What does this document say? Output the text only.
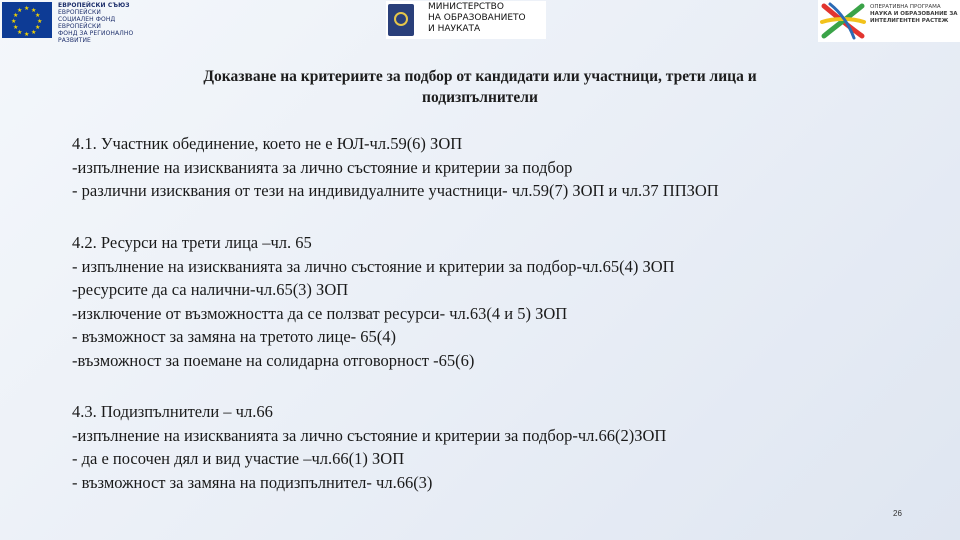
★ ★
★
★
★
★
★
★
★
★
★
★
ЕВРОПЕЙСКИ СЪЮЗ
ЕВРОПЕЙСКИ
СОЦИАЛЕН ФОНД
ЕВРОПЕЙСКИ
ФОНД ЗА РЕГИОНАЛНО
РАЗВИТИЕ
МИНИСТЕРСТВО
НА ОБРАЗОВАНИЕТО
И НАУКАТА
ОПЕРАТИВНА ПРОГРАМА
НАУКА И ОБРАЗОВАНИЕ ЗА
ИНТЕЛИГЕНТЕН РАСТЕЖ
Доказване на критериите за подбор от кандидати или участници, трети лица и
подизпълнители
4.1. Участник обединение, което не е ЮЛ-чл.59(6) ЗОП
-изпълнение на изискванията за лично състояние и критерии за подбор
- различни изисквания от тези на индивидуалните участници- чл.59(7) ЗОП и чл.37 ППЗОП
4.2. Ресурси на трети лица –чл. 65
- изпълнение на изискванията за лично състояние и критерии за подбор-чл.65(4) ЗОП
-ресурсите да са налични-чл.65(3) ЗОП
-изключение от възможността да се ползват ресурси- чл.63(4 и 5) ЗОП
- възможност за замяна на третото лице- 65(4)
-възможност за поемане на солидарна отговорност -65(6)
4.3. Подизпълнители – чл.66
-изпълнение на изискванията за лично състояние и критерии за подбор-чл.66(2)ЗОП
- да е посочен дял и вид участие –чл.66(1) ЗОП
- възможност за замяна на подизпълнител- чл.66(3)
26
